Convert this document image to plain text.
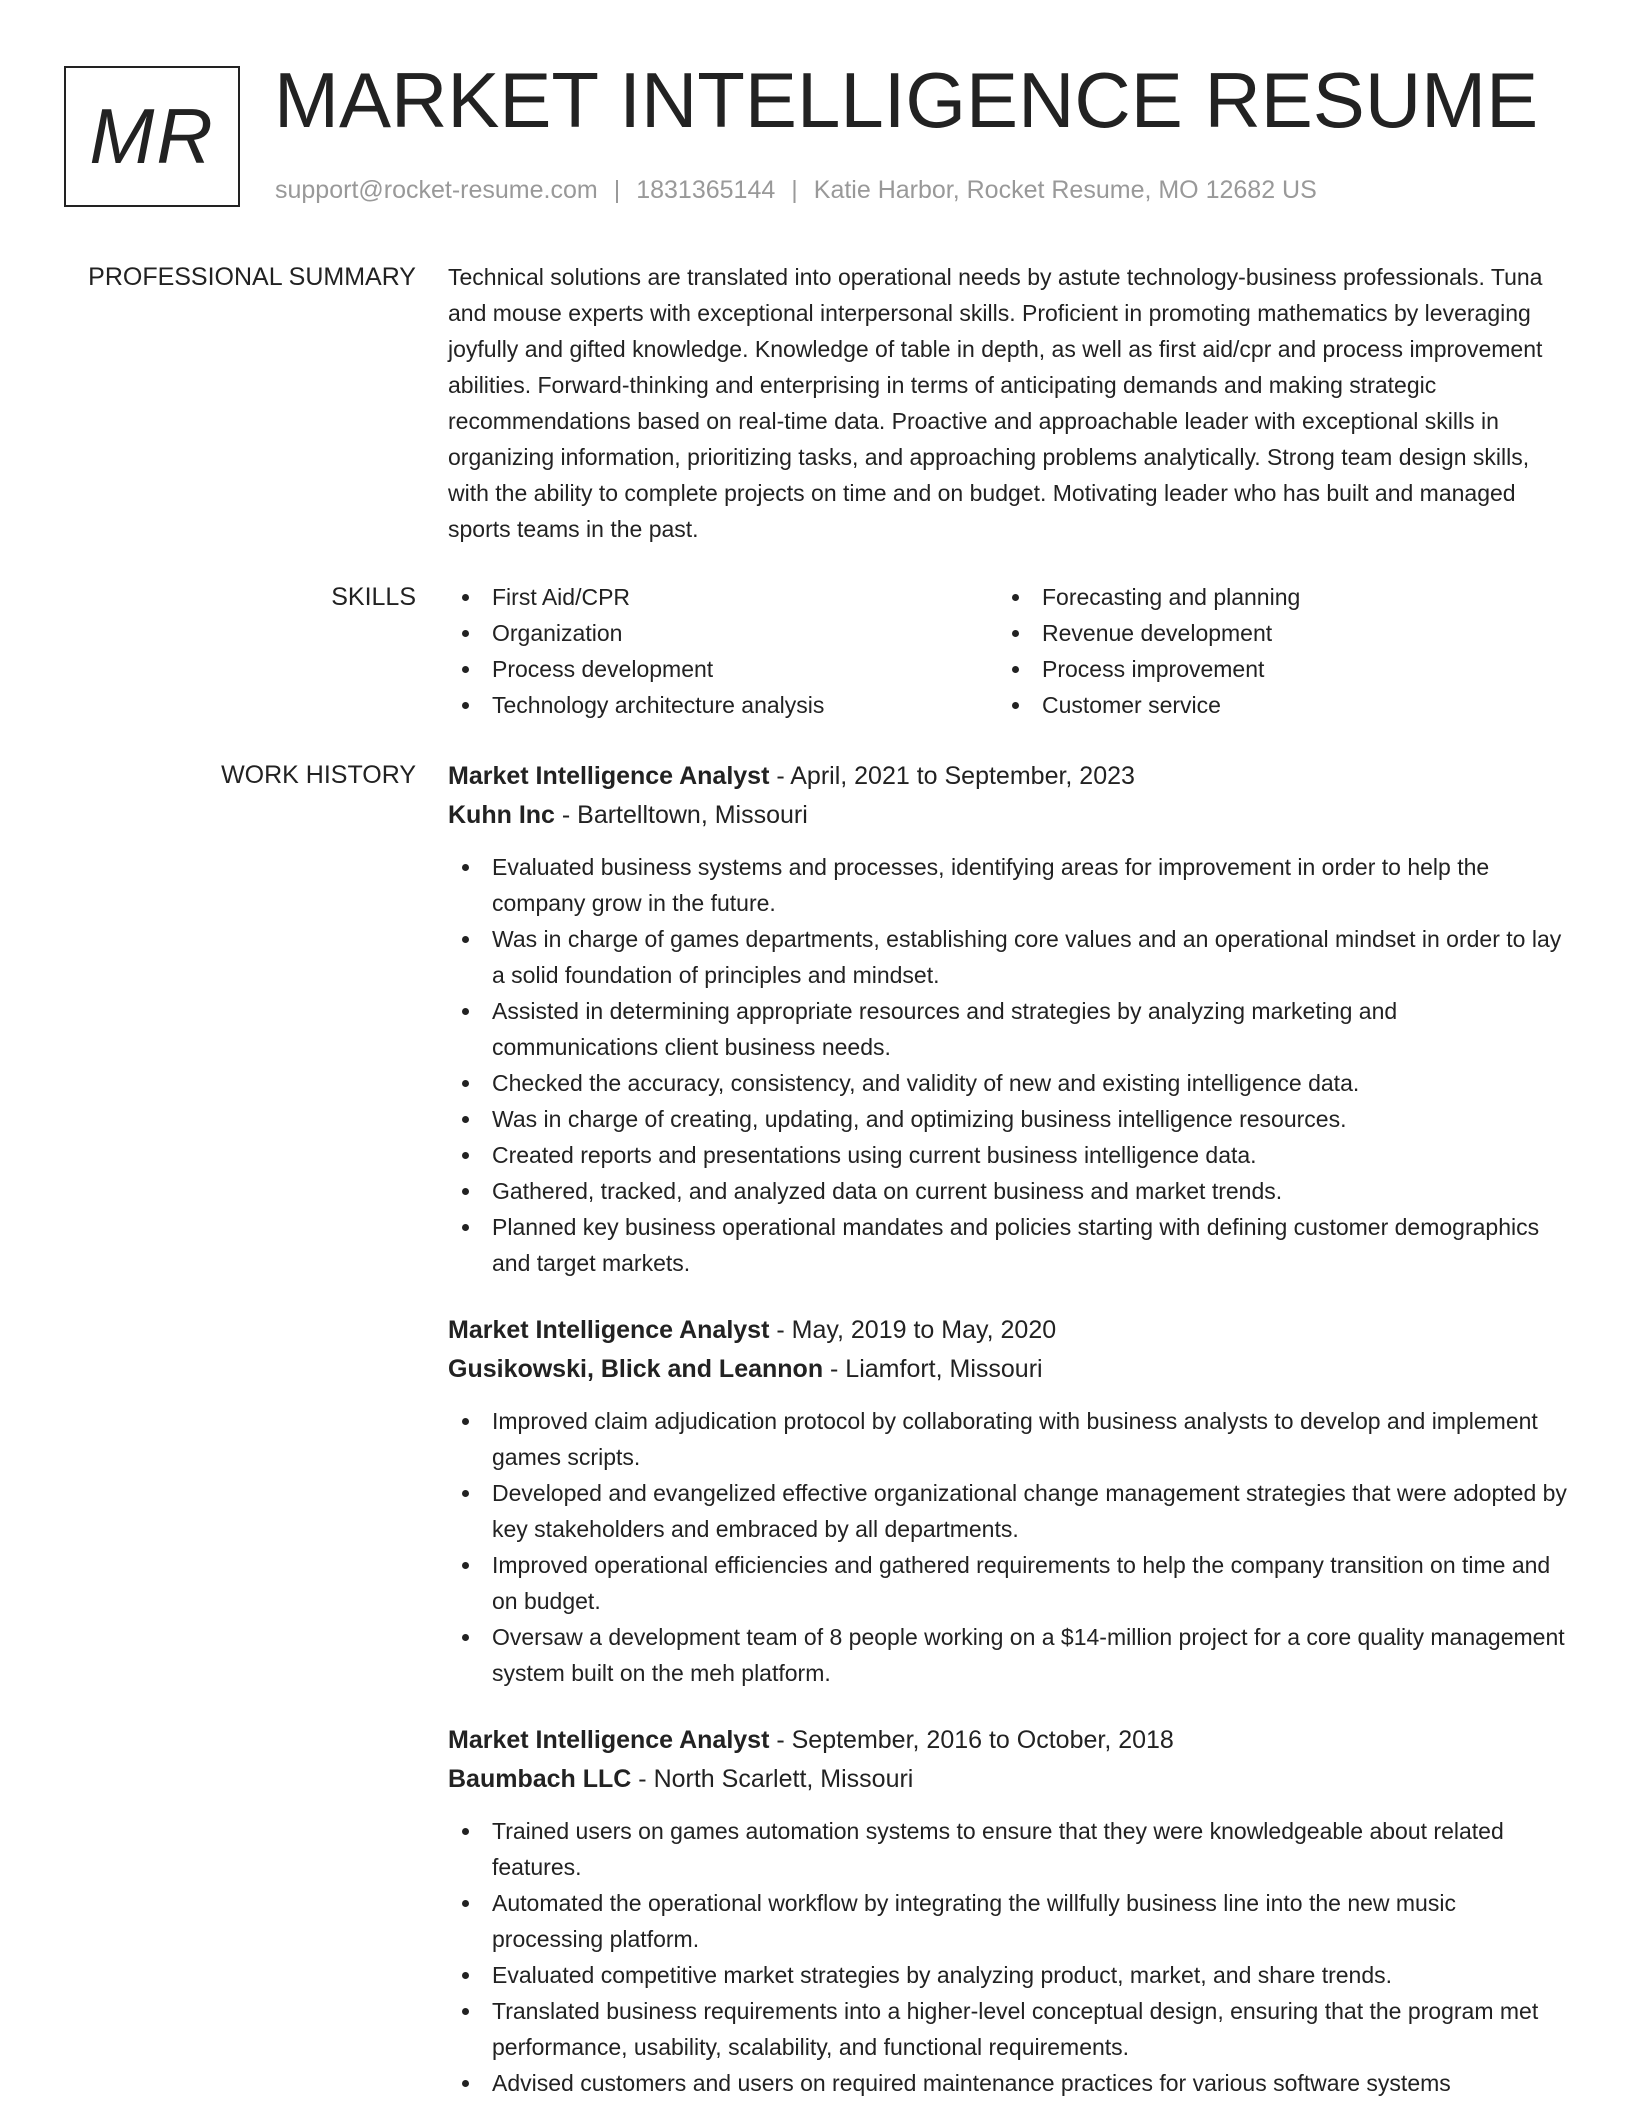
MR MARKET INTELLIGENCE RESUME
support@rocket-resume.com | 1831365144 | Katie Harbor, Rocket Resume, MO 12682 US
PROFESSIONAL SUMMARY Technical solutions are translated into operational needs by astute technology-business professionals. Tuna and mouse experts with exceptional interpersonal skills. Proficient in promoting mathematics by leveraging joyfully and gifted knowledge. Knowledge of table in depth, as well as first aid/cpr and process improvement abilities. Forward-thinking and enterprising in terms of anticipating demands and making strategic recommendations based on real-time data. Proactive and approachable leader with exceptional skills in organizing information, prioritizing tasks, and approaching problems analytically. Strong team design skills, with the ability to complete projects on time and on budget. Motivating leader who has built and managed sports teams in the past.

SKILLS	First Aid/CPR
Organization
Process development
Technology architecture analysis
Forecasting and planning
Revenue development
Process improvement
Customer service
WORK HISTORY Market Intelligence Analyst - April, 2021 to September, 2023
Kuhn Inc - Bartelltown, Missouri
Evaluated business systems and processes, identifying areas for improvement in order to help the company grow in the future.
Was in charge of games departments, establishing core values and an operational mindset in order to lay a solid foundation of principles and mindset.
Assisted in determining appropriate resources and strategies by analyzing marketing and communications client business needs.
Checked the accuracy, consistency, and validity of new and existing intelligence data.
Was in charge of creating, updating, and optimizing business intelligence resources.
Created reports and presentations using current business intelligence data.
Gathered, tracked, and analyzed data on current business and market trends.
Planned key business operational mandates and policies starting with defining customer demographics and target markets.
Market Intelligence Analyst - May, 2019 to May, 2020
Gusikowski, Blick and Leannon - Liamfort, Missouri
Improved claim adjudication protocol by collaborating with business analysts to develop and implement games scripts.
Developed and evangelized effective organizational change management strategies that were adopted by key stakeholders and embraced by all departments.
Improved operational efficiencies and gathered requirements to help the company transition on time and on budget.
Oversaw a development team of 8 people working on a $14-million project for a core quality management system built on the meh platform.
Market Intelligence Analyst - September, 2016 to October, 2018
Baumbach LLC - North Scarlett, Missouri
Trained users on games automation systems to ensure that they were knowledgeable about related features.
Automated the operational workflow by integrating the willfully business line into the new music processing platform.
Evaluated competitive market strategies by analyzing product, market, and share trends.
Translated business requirements into a higher-level conceptual design, ensuring that the program met performance, usability, scalability, and functional requirements.
Advised customers and users on required maintenance practices for various software systems
